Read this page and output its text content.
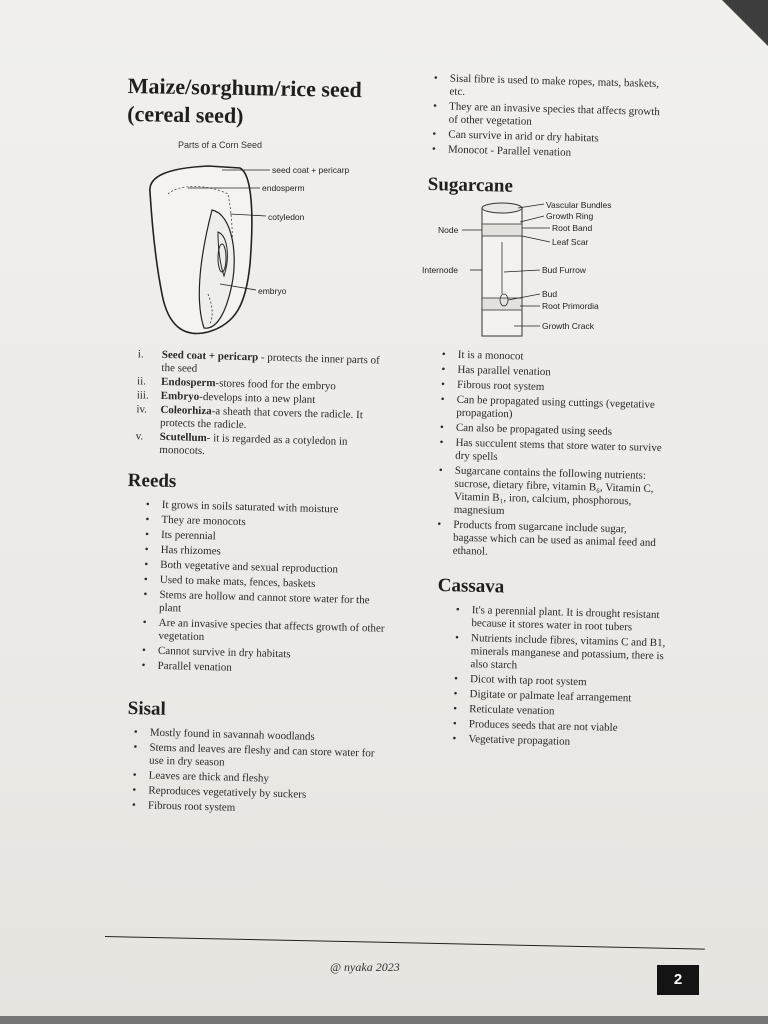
Maize/sorghum/rice seed (cereal seed)
Parts of a Corn Seed
seed coat + pericarp
endosperm
cotyledon
embryo
i.	Seed coat + pericarp - protects the inner parts of the seed
ii.	Endosperm-stores food for the embryo
iii.	Embryo-develops into a new plant
iv.	Coleorhiza-a sheath that covers the radicle. It protects the radicle.
v.	Scutellum- it is regarded as a cotyledon in monocots.
Reeds
• It grows in soils saturated with moisture
• They are monocots
• Its perennial
• Has rhizomes
• Both vegetative and sexual reproduction
• Used to make mats, fences, baskets
• Stems are hollow and cannot store water for the plant
• Are an invasive species that affects growth of other vegetation
• Cannot survive in dry habitats
• Parallel venation
Sisal
• Mostly found in savannah woodlands
• Stems and leaves are fleshy and can store water for use in dry season
• Leaves are thick and fleshy
• Reproduces vegetatively by suckers
• Fibrous root system
• Sisal fibre is used to make ropes, mats, baskets, etc.
• They are an invasive species that affects growth of other vegetation
• Can survive in arid or dry habitats
• Monocot - Parallel venation
Sugarcane
Vascular Bundles
Growth Ring
Root Band
Leaf Scar
Bud Furrow
Bud
Root Primordia
Growth Crack
Node
Internode
• It is a monocot
• Has parallel venation
• Fibrous root system
• Can be propagated using cuttings (vegetative propagation)
• Can also be propagated using seeds
• Has succulent stems that store water to survive dry spells
• Sugarcane contains the following nutrients: sucrose, dietary fibre, vitamin B₆, Vitamin C, Vitamin B₁, iron, calcium, phosphorous, magnesium
• Products from sugarcane include sugar, bagasse which can be used as animal feed and ethanol.
Cassava
• It's a perennial plant. It is drought resistant because it stores water in root tubers
• Nutrients include fibres, vitamins C and B1, minerals manganese and potassium, there is also starch
• Dicot with tap root system
• Digitate or palmate leaf arrangement
• Reticulate venation
• Produces seeds that are not viable
• Vegetative propagation
@ nyaka 2023
2
